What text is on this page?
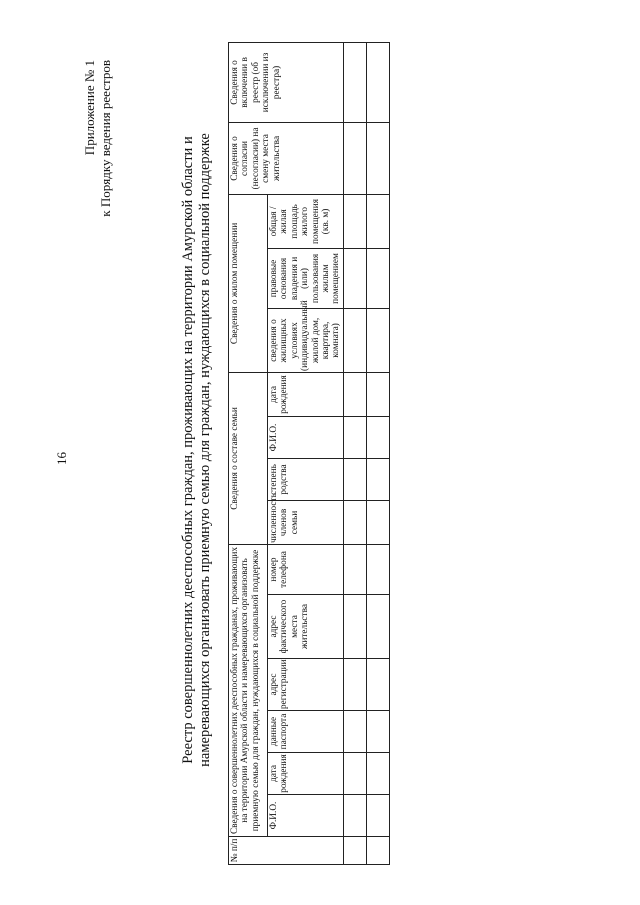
16
Приложение № 1 к Порядку ведения реестров	Реестр совершеннолетних дееспособных граждан, проживающих на территории Амурской области и намеревающихся организовать приемную семью для граждан, нуждающихся в социальной поддержке
№ п/п	Сведения о совершеннолетних дееспособных гражданах, проживающих на территории Амурской области и намеревающихся организовать приемную семью для граждан, нуждающихся в социальной поддержке						Сведения о составе семьи				Сведения о жилом помещении			Сведения о согласии (несогласии) на смену места жительства	Сведения о включении в реестр (об исключении из реестра)
	Ф.И.О.	дата рождения	данные паспорта	адрес регистрации	адрес фактического места жительства	номер телефона	численность членов семьи	степень родства	Ф.И.О.	дата рождения	сведения о жилищных условиях (индивидуальный жилой дом, квартира, комната)	правовые основания владения и (или) пользования жилым помещением	общая / жилая площадь жилого помещения (кв. м)		
